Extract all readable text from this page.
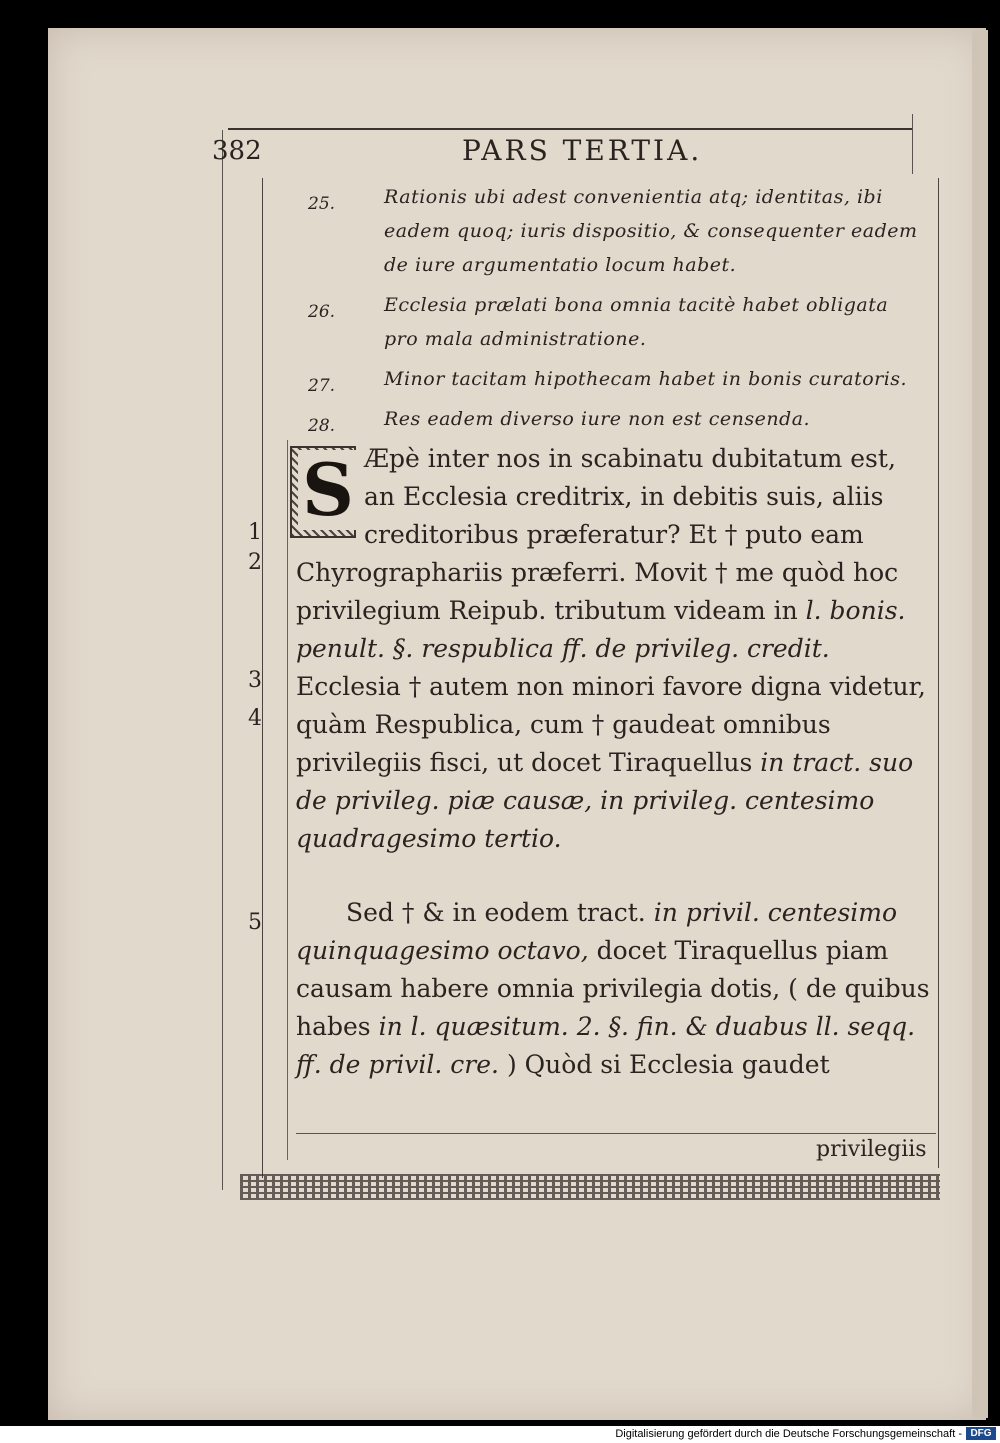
382	PARS TERTIA.
25.	Rationis ubi adest convenientia atq; identitas, ibi eadem quoq; iuris dispositio, & consequenter eadem de iure argumentatio locum habet.
26.	Ecclesia prælati bona omnia tacitè habet obligata pro mala administratione.
27.	Minor tacitam hipothecam habet in bonis curatoris.
28.	Res eadem diverso iure non est censenda.
1
2
3
4
5

S Æpè inter nos in scabinatu dubitatum est, an Ecclesia creditrix, in debitis suis, aliis creditoribus præferatur? Et † puto eam Chyrographariis præferri. Movit † me quòd hoc privilegium Reipub. tributum videam in l. bonis. penult. §. respublica ff. de privileg. credit. Ecclesia † autem non minori favore digna videtur, quàm Respublica, cum † gaudeat omnibus privilegiis fisci, ut docet Tiraquellus in tract. suo de privileg. piæ causæ, in privileg. centesimo quadragesimo tertio.

Sed † & in eodem tract. in privil. centesimo quinquagesimo octavo, docet Tiraquellus piam causam habere omnia privilegia dotis, ( de quibus habes in l. quæsitum. 2. §. fin. & duabus ll. seqq. ff. de privil. cre. ) Quòd si Ecclesia gaudet

privilegiis
Digitalisierung gefördert durch die Deutsche Forschungsgemeinschaft - DFG
